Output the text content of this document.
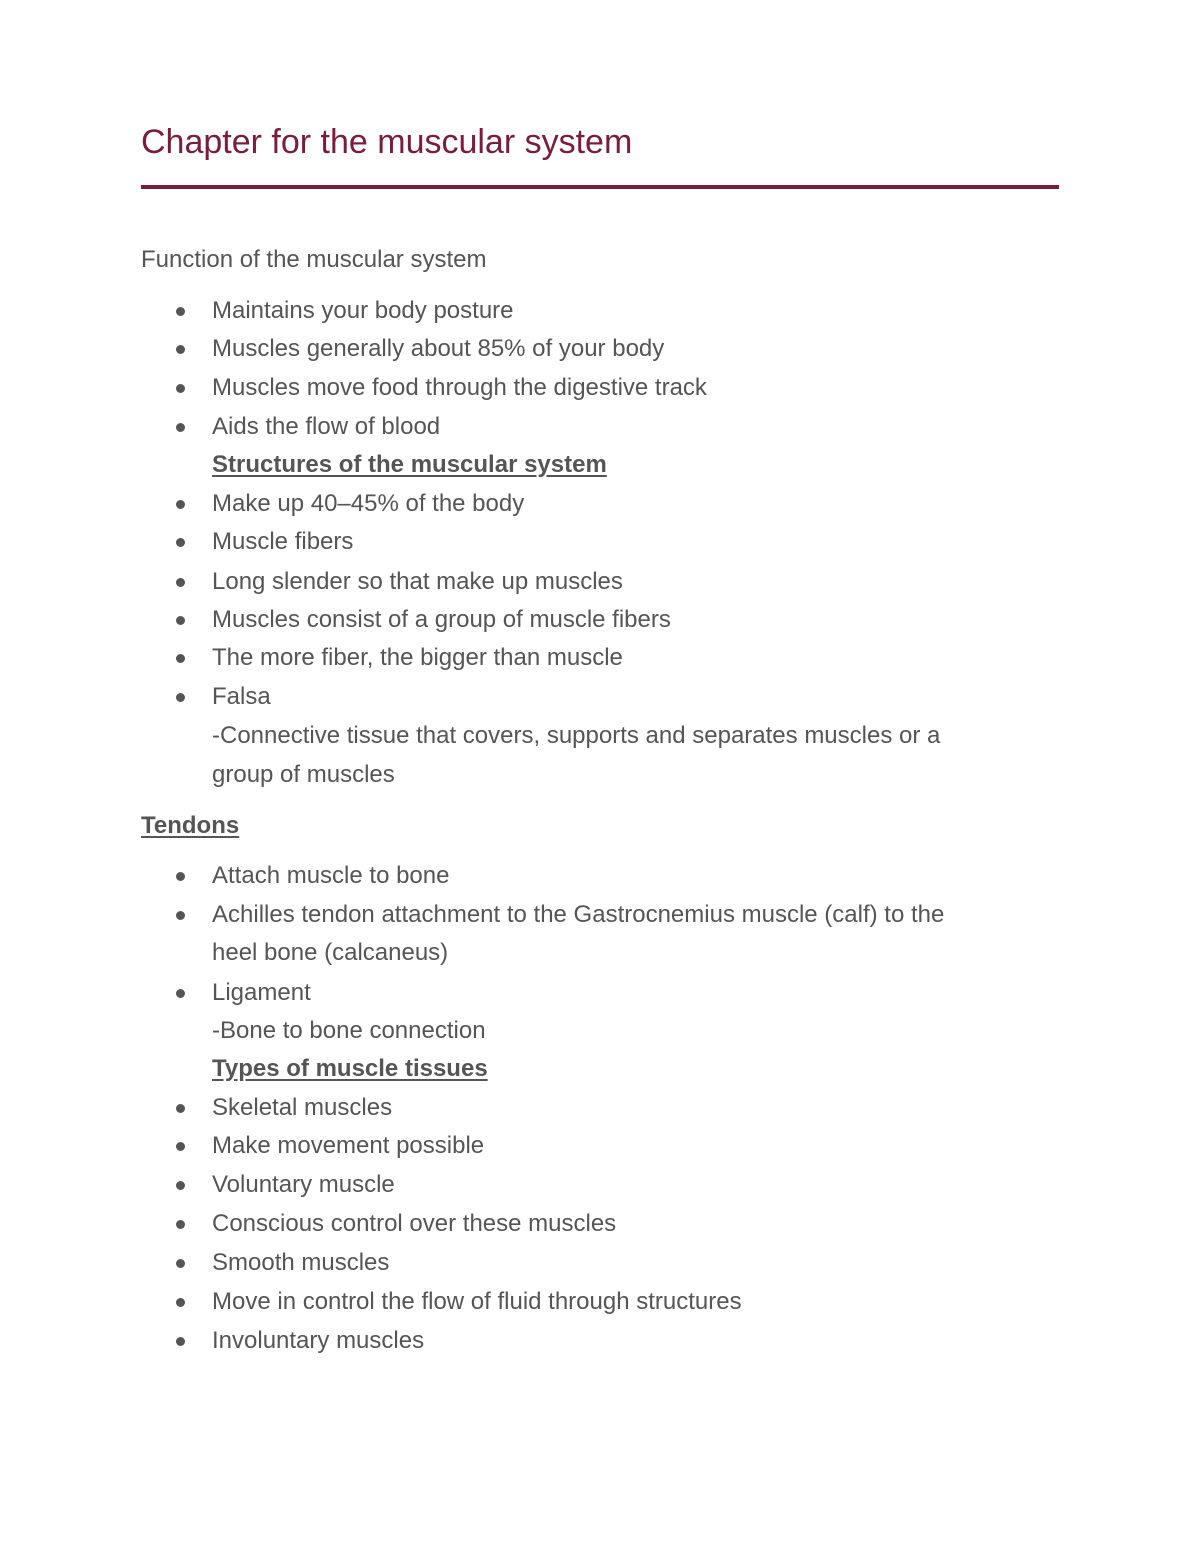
Chapter for the muscular system
Function of the muscular system
Maintains your body posture
Muscles generally about 85% of your body
Muscles move food through the digestive track
Aids the flow of blood
Structures of the muscular system
Make up 40–45% of the body
Muscle fibers
Long slender so that make up muscles
Muscles consist of a group of muscle fibers
The more fiber, the bigger than muscle
Falsa
-Connective tissue that covers, supports and separates muscles or a
group of muscles
Tendons
Attach muscle to bone
Achilles tendon attachment to the Gastrocnemius muscle (calf) to the
heel bone (calcaneus)
Ligament
-Bone to bone connection
Types of muscle tissues
Skeletal muscles
Make movement possible
Voluntary muscle
Conscious control over these muscles
Smooth muscles
Move in control the flow of fluid through structures
Involuntary muscles
